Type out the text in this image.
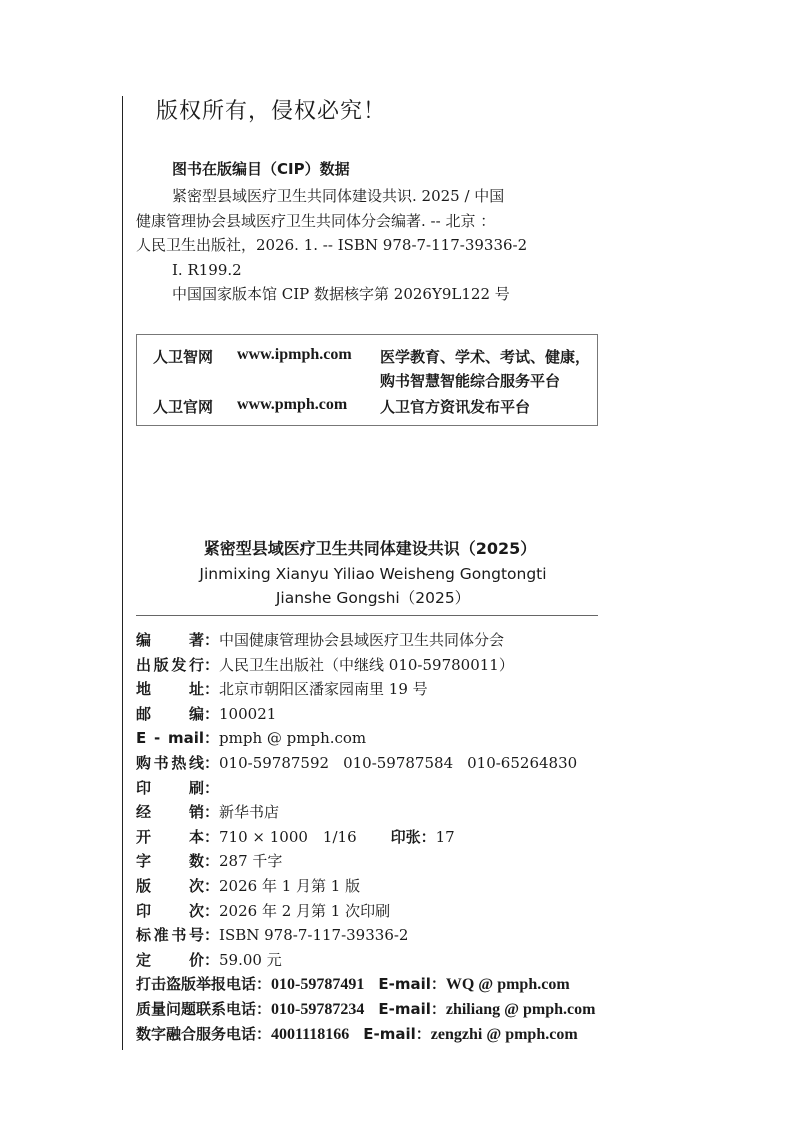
版权所有，侵权必究！
图书在版编目（CIP）数据
紧密型县域医疗卫生共同体建设共识. 2025 / 中国
健康管理协会县域医疗卫生共同体分会编著. -- 北京 ：
人民卫生出版社，2026. 1. -- ISBN 978-7-117-39336-2
Ⅰ. R199.2
中国国家版本馆 CIP 数据核字第 2026Y9L122 号
人卫智网 www.ipmph.com 医学教育、学术、考试、健康，
购书智慧智能综合服务平台
人卫官网 www.pmph.com 人卫官方资讯发布平台
紧密型县域医疗卫生共同体建设共识（2025）
Jinmixing Xianyu Yiliao Weisheng Gongtongti
Jianshe Gongshi（2025）
编著：中国健康管理协会县域医疗卫生共同体分会
出版发行：人民卫生出版社（中继线 010-59780011）
地址：北京市朝阳区潘家园南里 19 号
邮编：100021
E - mail：pmph @ pmph.com
购书热线：010-59787592 010-59787584 010-65264830
印刷：
经销：新华书店
开本：710 × 1000　1/16 印张：17
字数：287 千字
版次：2026 年 1 月第 1 版
印次：2026 年 2 月第 1 次印刷
标准书号：ISBN 978-7-117-39336-2
定价：59.00 元
打击盗版举报电话：010-59787491 E-mail：WQ @ pmph.com
质量问题联系电话：010-59787234 E-mail：zhiliang @ pmph.com
数字融合服务电话：4001118166 E-mail：zengzhi @ pmph.com
